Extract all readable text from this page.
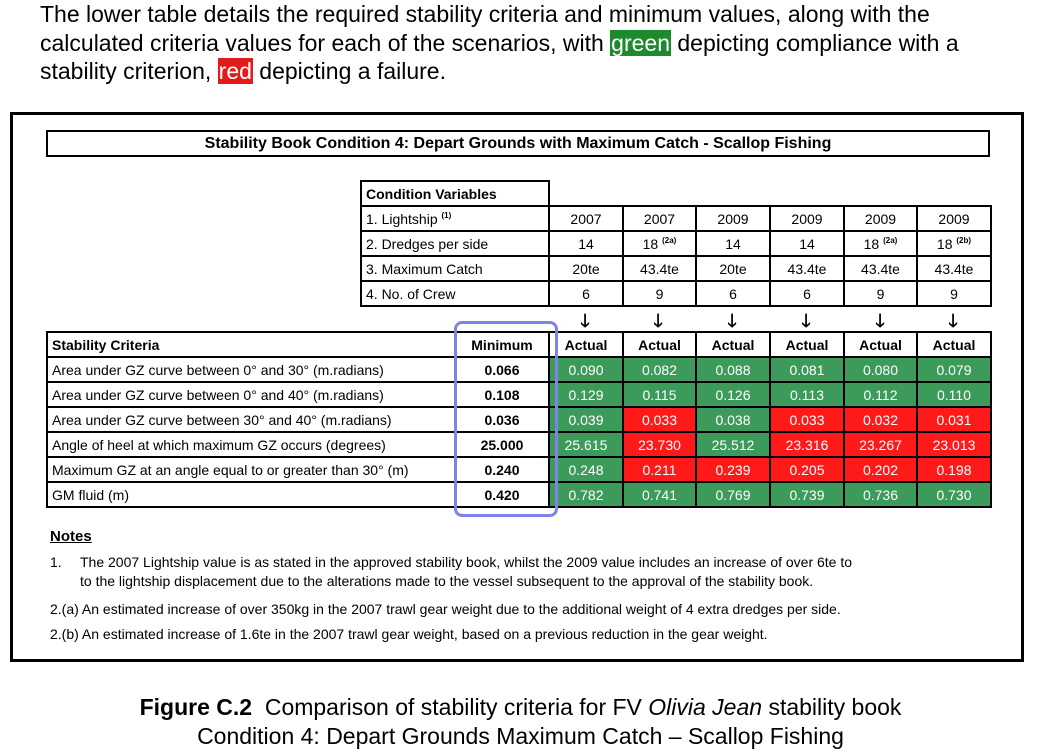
The lower table details the required stability criteria and minimum values, along with the calculated criteria values for each of the scenarios, with green depicting compliance with a stability criterion, red depicting a failure.
Stability Book Condition 4: Depart Grounds with Maximum Catch - Scallop Fishing
Condition Variables						
1. Lightship $^{(1)}$	2007	2007	2009	2009	2009	2009
2. Dredges per side	14	18 $^{(2a)}$	14	14	18 $^{(2a)}$	18 $^{(2b)}$
3. Maximum Catch	20te	43.4te	20te	43.4te	43.4te	43.4te
4. No. of Crew	6	9	6	6	9	9
🡓	🡓	🡓	🡓	🡓	🡓
Stability Criteria	Minimum	Actual	Actual	Actual	Actual	Actual	Actual
Area under GZ curve between 0° and 30° (m.radians)	0.066	0.090	0.082	0.088	0.081	0.080	0.079
Area under GZ curve between 0° and 40° (m.radians)	0.108	0.129	0.115	0.126	0.113	0.112	0.110
Area under GZ curve between 30° and 40° (m.radians)	0.036	0.039	0.033	0.038	0.033	0.032	0.031
Angle of heel at which maximum GZ occurs (degrees)	25.000	25.615	23.730	25.512	23.316	23.267	23.013
Maximum GZ at an angle equal to or greater than 30° (m)	0.240	0.248	0.211	0.239	0.205	0.202	0.198
GM fluid (m)	0.420	0.782	0.741	0.769	0.739	0.736	0.730
Notes
1. The 2007 Lightship value is as stated in the approved stability book, whilst the 2009 value includes an increase of over 6te to
to the lightship displacement due to the alterations made to the vessel subsequent to the approval of the stability book.
2.(a) An estimated increase of over 350kg in the 2007 trawl gear weight due to the additional weight of 4 extra dredges per side.
2.(b) An estimated increase of 1.6te in the 2007 trawl gear weight, based on a previous reduction in the gear weight.
Figure C.2 Comparison of stability criteria for FV Olivia Jean stability book
Condition 4: Depart Grounds Maximum Catch – Scallop Fishing
